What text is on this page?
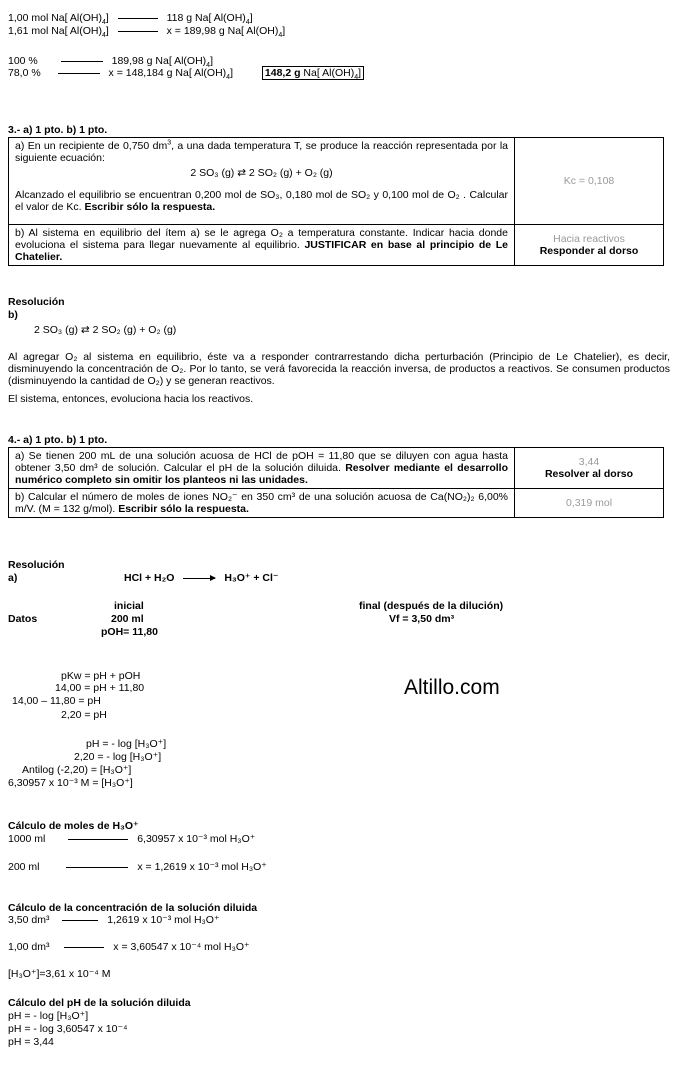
1,00 mol Na[ $Al(OH)_4$]	118 g Na[ $Al(OH)_4$]
1,61 mol Na[ $Al(OH)_4$]	x = 189,98 g Na[ $Al(OH)_4$]
100 %	189,98 g Na[ $Al(OH)_4$]
78,0 %	x = 148,184 g Na[ $Al(OH)_4$]	148,2 g Na[ $Al(OH)_4$]
3.- a) 1 pto. b) 1 pto.
a) En un recipiente de 0,750 $dm^3$, a una dada temperatura T, se produce la reacción representada por la siguiente ecuación:
2 SO₃ (g) ⇄ 2 SO₂ (g) + O₂ (g)
Alcanzado el equilibrio se encuentran 0,200 mol de SO₃, 0,180 mol de SO₂ y 0,100 mol de O₂ . Calcular el valor de Kc. Escribir sólo la respuesta.	Kc = 0,108

b) Al sistema en equilibrio del ítem a) se le agrega O₂ a temperatura constante. Indicar hacia donde evoluciona el sistema para llegar nuevamente al equilibrio. JUSTIFICAR en base al principio de Le Chatelier.	Hacia reactivos
Responder al dorso
Resolución
b)
2 SO₃ (g) ⇄ 2 SO₂ (g) + O₂ (g)
Al agregar O₂ al sistema en equilibrio, éste va a responder contrarrestando dicha perturbación (Principio de Le Chatelier), es decir, disminuyendo la concentración de O₂. Por lo tanto, se verá favorecida la reacción inversa, de productos a reactivos. Se consumen productos (disminuyendo la cantidad de O₂) y se generan reactivos.
El sistema, entonces, evoluciona hacia los reactivos.
4.- a) 1 pto. b) 1 pto.
a) Se tienen 200 mL de una solución acuosa de HCl de pOH = 11,80 que se diluyen con agua hasta obtener 3,50 dm³ de solución. Calcular el pH de la solución diluida. Resolver mediante el desarrollo numérico completo sin omitir los planteos ni las unidades.	3,44
Resolver al dorso

b) Calcular el número de moles de iones NO₂⁻ en 350 cm³ de una solución acuosa de Ca(NO₂)₂ 6,00% m/V. (M = 132 g/mol). Escribir sólo la respuesta.	0,319 mol
Resolución
a)	HCl + H₂O	H₃O⁺ + Cl⁻
inicial	final (después de la dilución)
Datos	200 ml	Vf = 3,50 dm³
pOH= 11,80
Altillo.com
pKw = pH + pOH
14,00 = pH + 11,80
14,00 – 11,80 = pH
2,20 = pH
pH = - log [H₃O⁺]
2,20 = - log [H₃O⁺]
Antilog (-2,20) = [H₃O⁺]
6,30957 x 10⁻³ M = [H₃O⁺]
Cálculo de moles de H₃O⁺
1000 ml	6,30957 x 10⁻³ mol H₃O⁺
200 ml	x = 1,2619 x 10⁻³ mol H₃O⁺
Cálculo de la concentración de la solución diluida
3,50 dm³	1,2619 x 10⁻³ mol H₃O⁺
1,00 dm³	x = 3,60547 x 10⁻⁴ mol H₃O⁺
[H₃O⁺]=3,61 x 10⁻⁴ M
Cálculo del pH de la solución diluida
pH = - log [H₃O⁺]
pH = - log 3,60547 x 10⁻⁴
pH = 3,44
